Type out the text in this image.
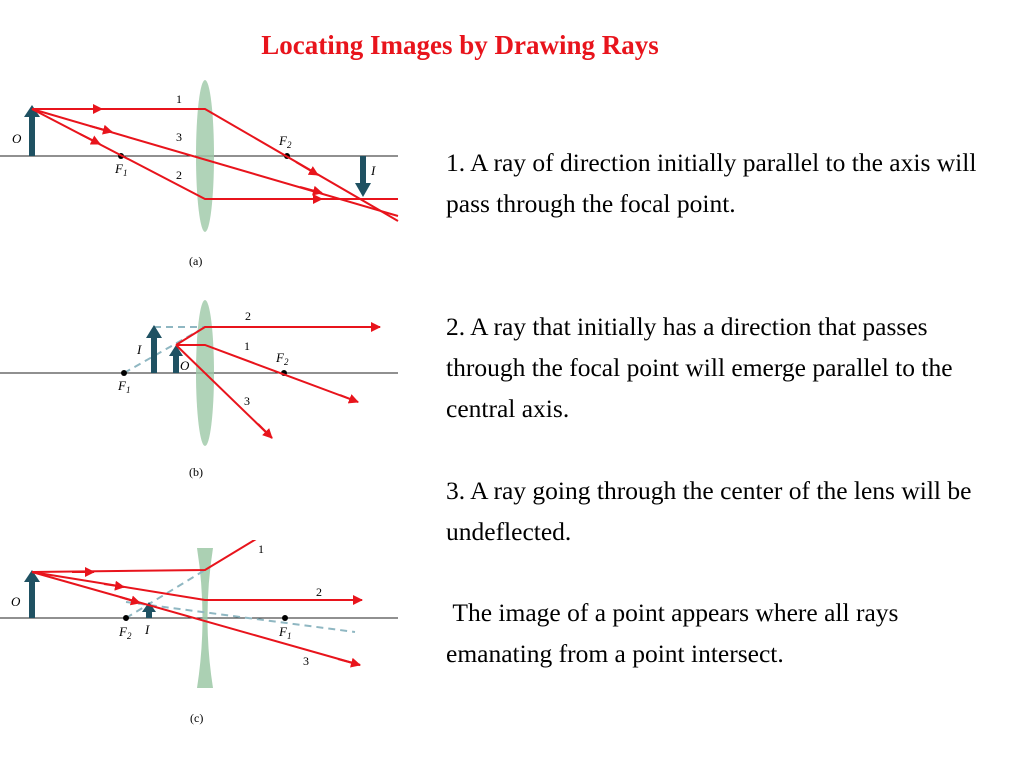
Locating Images by Drawing Rays
O
I
1
3
2
$F_1$
$F_2$
(a)
2
1
3
I
O
$F_1$
$F_2$
(b)
O
1
2
3
I
$F_2$	$F_1$
(c)

1. A ray of direction initially parallel to the axis will pass through the focal point.

2. A ray that initially has a direction that passes through the focal point will emerge parallel to the central axis.

3. A ray going through the center of the lens will be undeflected.

The image of a point appears where all rays emanating from a point intersect.
